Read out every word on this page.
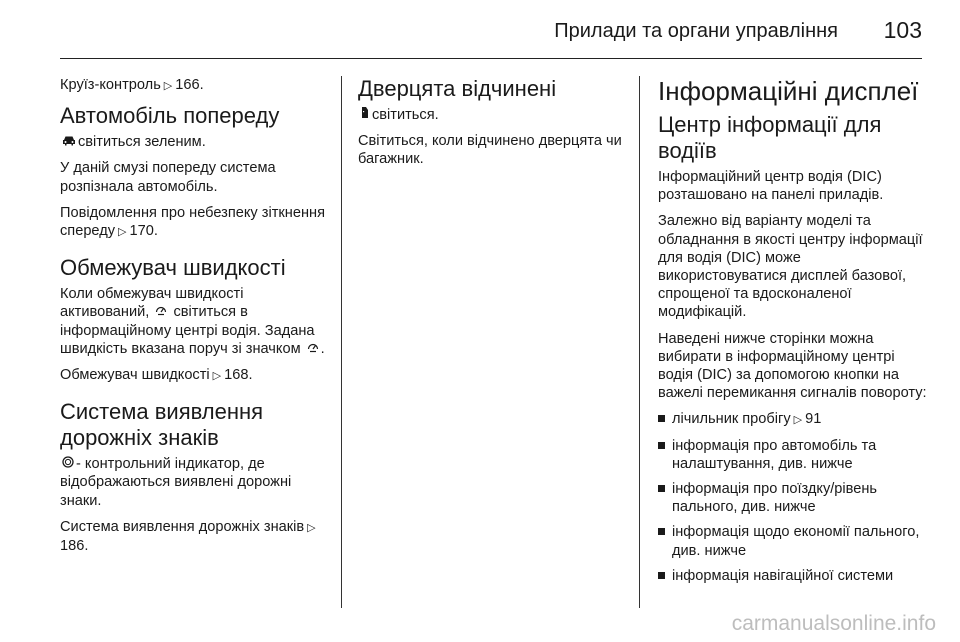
Прилади та органи управління 103

Круїз-контроль ▷ 166.

Автомобіль попереду

світиться зеленим.

У даній смузі попереду система розпізнала автомобіль.

Повідомлення про небезпеку зіткнення спереду ▷ 170.

Обмежувач швидкості

Коли обмежувач швидкості активований, світиться в інформаційному центрі водія. Задана швидкість вказана поруч зі значком .

Обмежувач швидкості ▷ 168.

Система виявлення дорожніх знаків

- контрольний індикатор, де відображаються виявлені дорожні знаки.

Система виявлення дорожніх знаків ▷186.

Дверцята відчинені

світиться.

Світиться, коли відчинено дверцята чи багажник.

Інформаційні дисплеї
Центр інформації для водіїв

Інформаційний центр водія (DIC) розташовано на панелі приладів.

Залежно від варіанту моделі та обладнання в якості центру інформації для водія (DIC) може використовуватися дисплей базової, спрощеної та вдосконаленої модифікацій.

Наведені нижче сторінки можна вибирати в інформаційному центрі водія (DIC) за допомогою кнопки на важелі перемикання сигналів повороту:

лічильник пробігу ▷ 91
інформація про автомобіль та налаштування, див. нижче
інформація про поїздку/рівень пального, див. нижче
інформація щодо економії пального, див. нижче
інформація навігаційної системи
carmanualsonline.info
